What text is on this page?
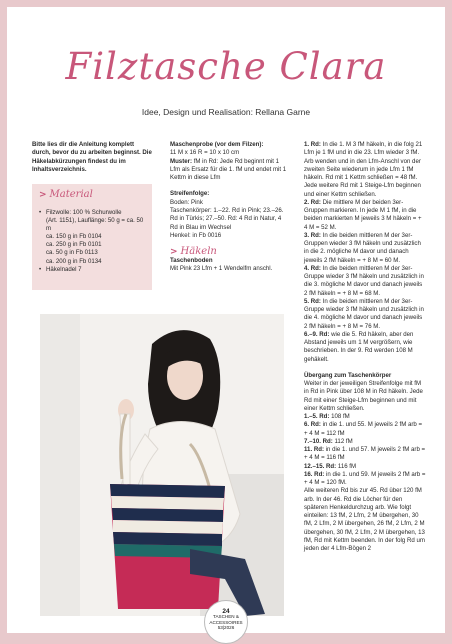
Filztasche Clara
Idee, Design und Realisation: Rellana Garne
Bitte lies dir die Anleitung komplett durch, bevor du zu arbeiten beginnst. Die Häkelabkürzungen findest du im Inhaltsverzeichnis.
> Material
• Filzwolle: 100 % Schurwolle
(Art. 1151), Lauflänge: 50 g = ca. 50 m
ca. 150 g in Fb 0104
ca. 250 g in Fb 0101
ca. 50 g in Fb 0113
ca. 200 g in Fb 0134
• Häkelnadel 7
Maschenprobe (vor dem Filzen):
11 M x 16 R = 10 x 10 cm
Muster: fM in Rd: Jede Rd beginnt mit 1 Lfm als Ersatz für die 1. fM und endet mit 1 Kettm in diese Lfm
Streifenfolge:
Boden: Pink
Taschenkörper: 1.–22. Rd in Pink; 23.–26. Rd in Türkis; 27.–50. Rd: 4 Rd in Natur, 4 Rd in Blau im Wechsel
Henkel: in Fb 0016
> Häkeln
Taschenboden
Mit Pink 23 Lfm + 1 Wendelfm anschl.
1. Rd: In die 1. M 3 fM häkeln, in die folg 21 Lfm je 1 fM und in die 23. Lfm wieder 3 fM. Arb wenden und in den Lfm-Anschl von der zweiten Seite wiederum in jede Lfm 1 fM häkeln. Rd mit 1 Kettm schließen = 48 fM. Jede weitere Rd mit 1 Steige-Lfm beginnen und einer Kettm schließen.
2. Rd: Die mittlere M der beiden 3er-Gruppen markieren. In jede M 1 fM, in die beiden markierten M jeweils 3 M häkeln = + 4 M = 52 M.
3. Rd: In die beiden mittleren M der 3er-Gruppen wieder 3 fM häkeln und zusätzlich in die 2. mögliche M davor und danach jeweils 2 fM häkeln = + 8 M = 60 M.
4. Rd: In die beiden mittleren M der 3er-Gruppe wieder 3 fM häkeln und zusätzlich in die 3. mögliche M davor und danach jeweils 2 fM häkeln = + 8 M = 68 M.
5. Rd: In die beiden mittleren M der 3er-Gruppe wieder 3 fM häkeln und zusätzlich in die 4. mögliche M davor und danach jeweils 2 fM häkeln = + 8 M = 76 M.
6.–9. Rd: wie die 5. Rd häkeln, aber den Abstand jeweils um 1 M vergrößern, wie beschrieben. In der 9. Rd werden 108 M gehäkelt.
Übergang zum Taschenkörper
Weiter in der jeweiligen Streifenfolge mit fM in Rd in Pink über 108 M in Rd häkeln. Jede Rd mit einer Steige-Lfm beginnen und mit einer Kettm schließen.
1.–5. Rd: 108 fM
6. Rd: in die 1. und 55. M jeweils 2 fM arb = + 4 M = 112 fM
7.–10. Rd: 112 fM
11. Rd: in die 1. und 57. M jeweils 2 fM arb = + 4 M = 116 fM
12.–15. Rd: 116 fM
16. Rd: in die 1. und 59. M jeweils 2 fM arb = + 4 M = 120 fM.
Alle weiteren Rd bis zur 45. Rd über 120 fM arb. In der 46. Rd die Löcher für den späteren Henkeldurchzug arb. Wie folgt einteilen: 13 fM, 2 Lfm, 2 M übergehen, 30 fM, 2 Lfm, 2 M übergehen, 26 fM, 2 Lfm, 2 M übergehen, 30 fM, 2 Lfm, 2 M übergehen, 13 fM, Rd mit Kettm beenden. In der folg Rd um jeden der 4 Lfm-Bögen 2
24
TASCHEN &
ACCESSOIRES
53|2026
